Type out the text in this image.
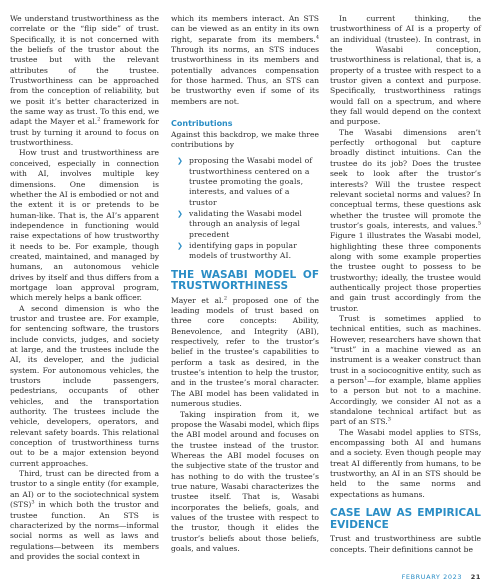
We understand trustworthiness as the correlate or the “flip side” of trust. Specifically, it is not concerned with the beliefs of the trustor about the trustee but with the relevant attributes of the trustee. Trustworthiness can be approached from the conception of reliability, but we posit it’s better characterized in the same way as trust. To this end, we adapt the Mayer et al.$^2$ framework for trust by turning it around to focus on trustworthiness.

How trust and trustworthiness are conceived, especially in connection with AI, involves multiple key dimensions. One dimension is whether the AI is embodied or not and the extent it is or pretends to be human-like. That is, the AI’s apparent independence in functioning would raise expectations of how trustworthy it needs to be. For example, though created, maintained, and managed by humans, an autonomous vehicle drives by itself and thus differs from a mortgage loan approval program, which merely helps a bank officer.

A second dimension is who the trustor and trustee are. For example, for sentencing software, the trustors include convicts, judges, and society at large, and the trustees include the AI, its developer, and the judicial system. For autonomous vehicles, the trustors include passengers, pedestrians, occupants of other vehicles, and the transportation authority. The trustees include the vehicle, developers, operators, and relevant safety boards. This relational conception of trustworthiness turns out to be a major extension beyond current approaches.

Third, trust can be directed from a trustor to a single entity (for example, an AI) or to the sociotechnical system (STS)$^3$ in which both the trustor and trustee function. An STS is characterized by the norms—informal social norms as well as laws and regulations—between its members and provides the social context in

which its members interact. An STS can be viewed as an entity in its own right, separate from its members.$^4$ Through its norms, an STS induces trustworthiness in its members and potentially advances compensation for those harmed. Thus, an STS can be trustworthy even if some of its members are not.

Contributions

Against this backdrop, we make three contributions by

❯ proposing the Wasabi model of trustworthiness centered on a trustee promoting the goals, interests, and values of a trustor
❯ validating the Wasabi model through an analysis of legal precedent
❯ identifying gaps in popular models of trustworthy AI.
THE WASABI MODEL OF TRUSTWORTHINESS

Mayer et al.$^2$ proposed one of the leading models of trust based on three core concepts: Ability, Benevolence, and Integrity (ABI), respectively, refer to the trustor’s belief in the trustee’s capabilities to perform a task as desired, in the trustee’s intention to help the trustor, and in the trustee’s moral character. The ABI model has been validated in numerous studies.

Taking inspiration from it, we propose the Wasabi model, which flips the ABI model around and focuses on the trustee instead of the trustor. Whereas the ABI model focuses on the subjective state of the trustor and has nothing to do with the trustee’s true nature, Wasabi characterizes the trustee itself. That is, Wasabi incorporates the beliefs, goals, and values of the trustee with respect to the trustor, though it elides the trustor’s beliefs about those beliefs, goals, and values.

In current thinking, the trustworthiness of AI is a property of an individual (trustee). In contrast, in the Wasabi conception, trustworthiness is relational, that is, a property of a trustee with respect to a trustor given a context and purpose. Specifically, trustworthiness ratings would fall on a spectrum, and where they fall would depend on the context and purpose.

The Wasabi dimensions aren’t perfectly orthogonal but capture broadly distinct intuitions. Can the trustee do its job? Does the trustee seek to look after the trustor’s interests? Will the trustee respect relevant societal norms and values? In conceptual terms, these questions ask whether the trustee will promote the trustor’s goals, interests, and values.$^5$ Figure 1 illustrates the Wasabi model, highlighting these three components along with some example properties the trustee ought to possess to be trustworthy; ideally, the trustee would authentically project those properties and gain trust accordingly from the trustor.

Trust is sometimes applied to technical entities, such as machines. However, researchers have shown that “trust” in a machine viewed as an instrument is a weaker construct than trust in a sociocognitive entity, such as a person$^1$—for example, blame applies to a person but not to a machine. Accordingly, we consider AI not as a standalone technical artifact but as part of an STS.$^3$

The Wasabi model applies to STSs, encompassing both AI and humans and a society. Even though people may treat AI differently from humans, to be trustworthy, an AI in an STS should be held to the same norms and expectations as humans.

CASE LAW AS EMPIRICAL EVIDENCE

Trust and trustworthiness are subtle concepts. Their definitions cannot be

FEBRUARY 2023 21
